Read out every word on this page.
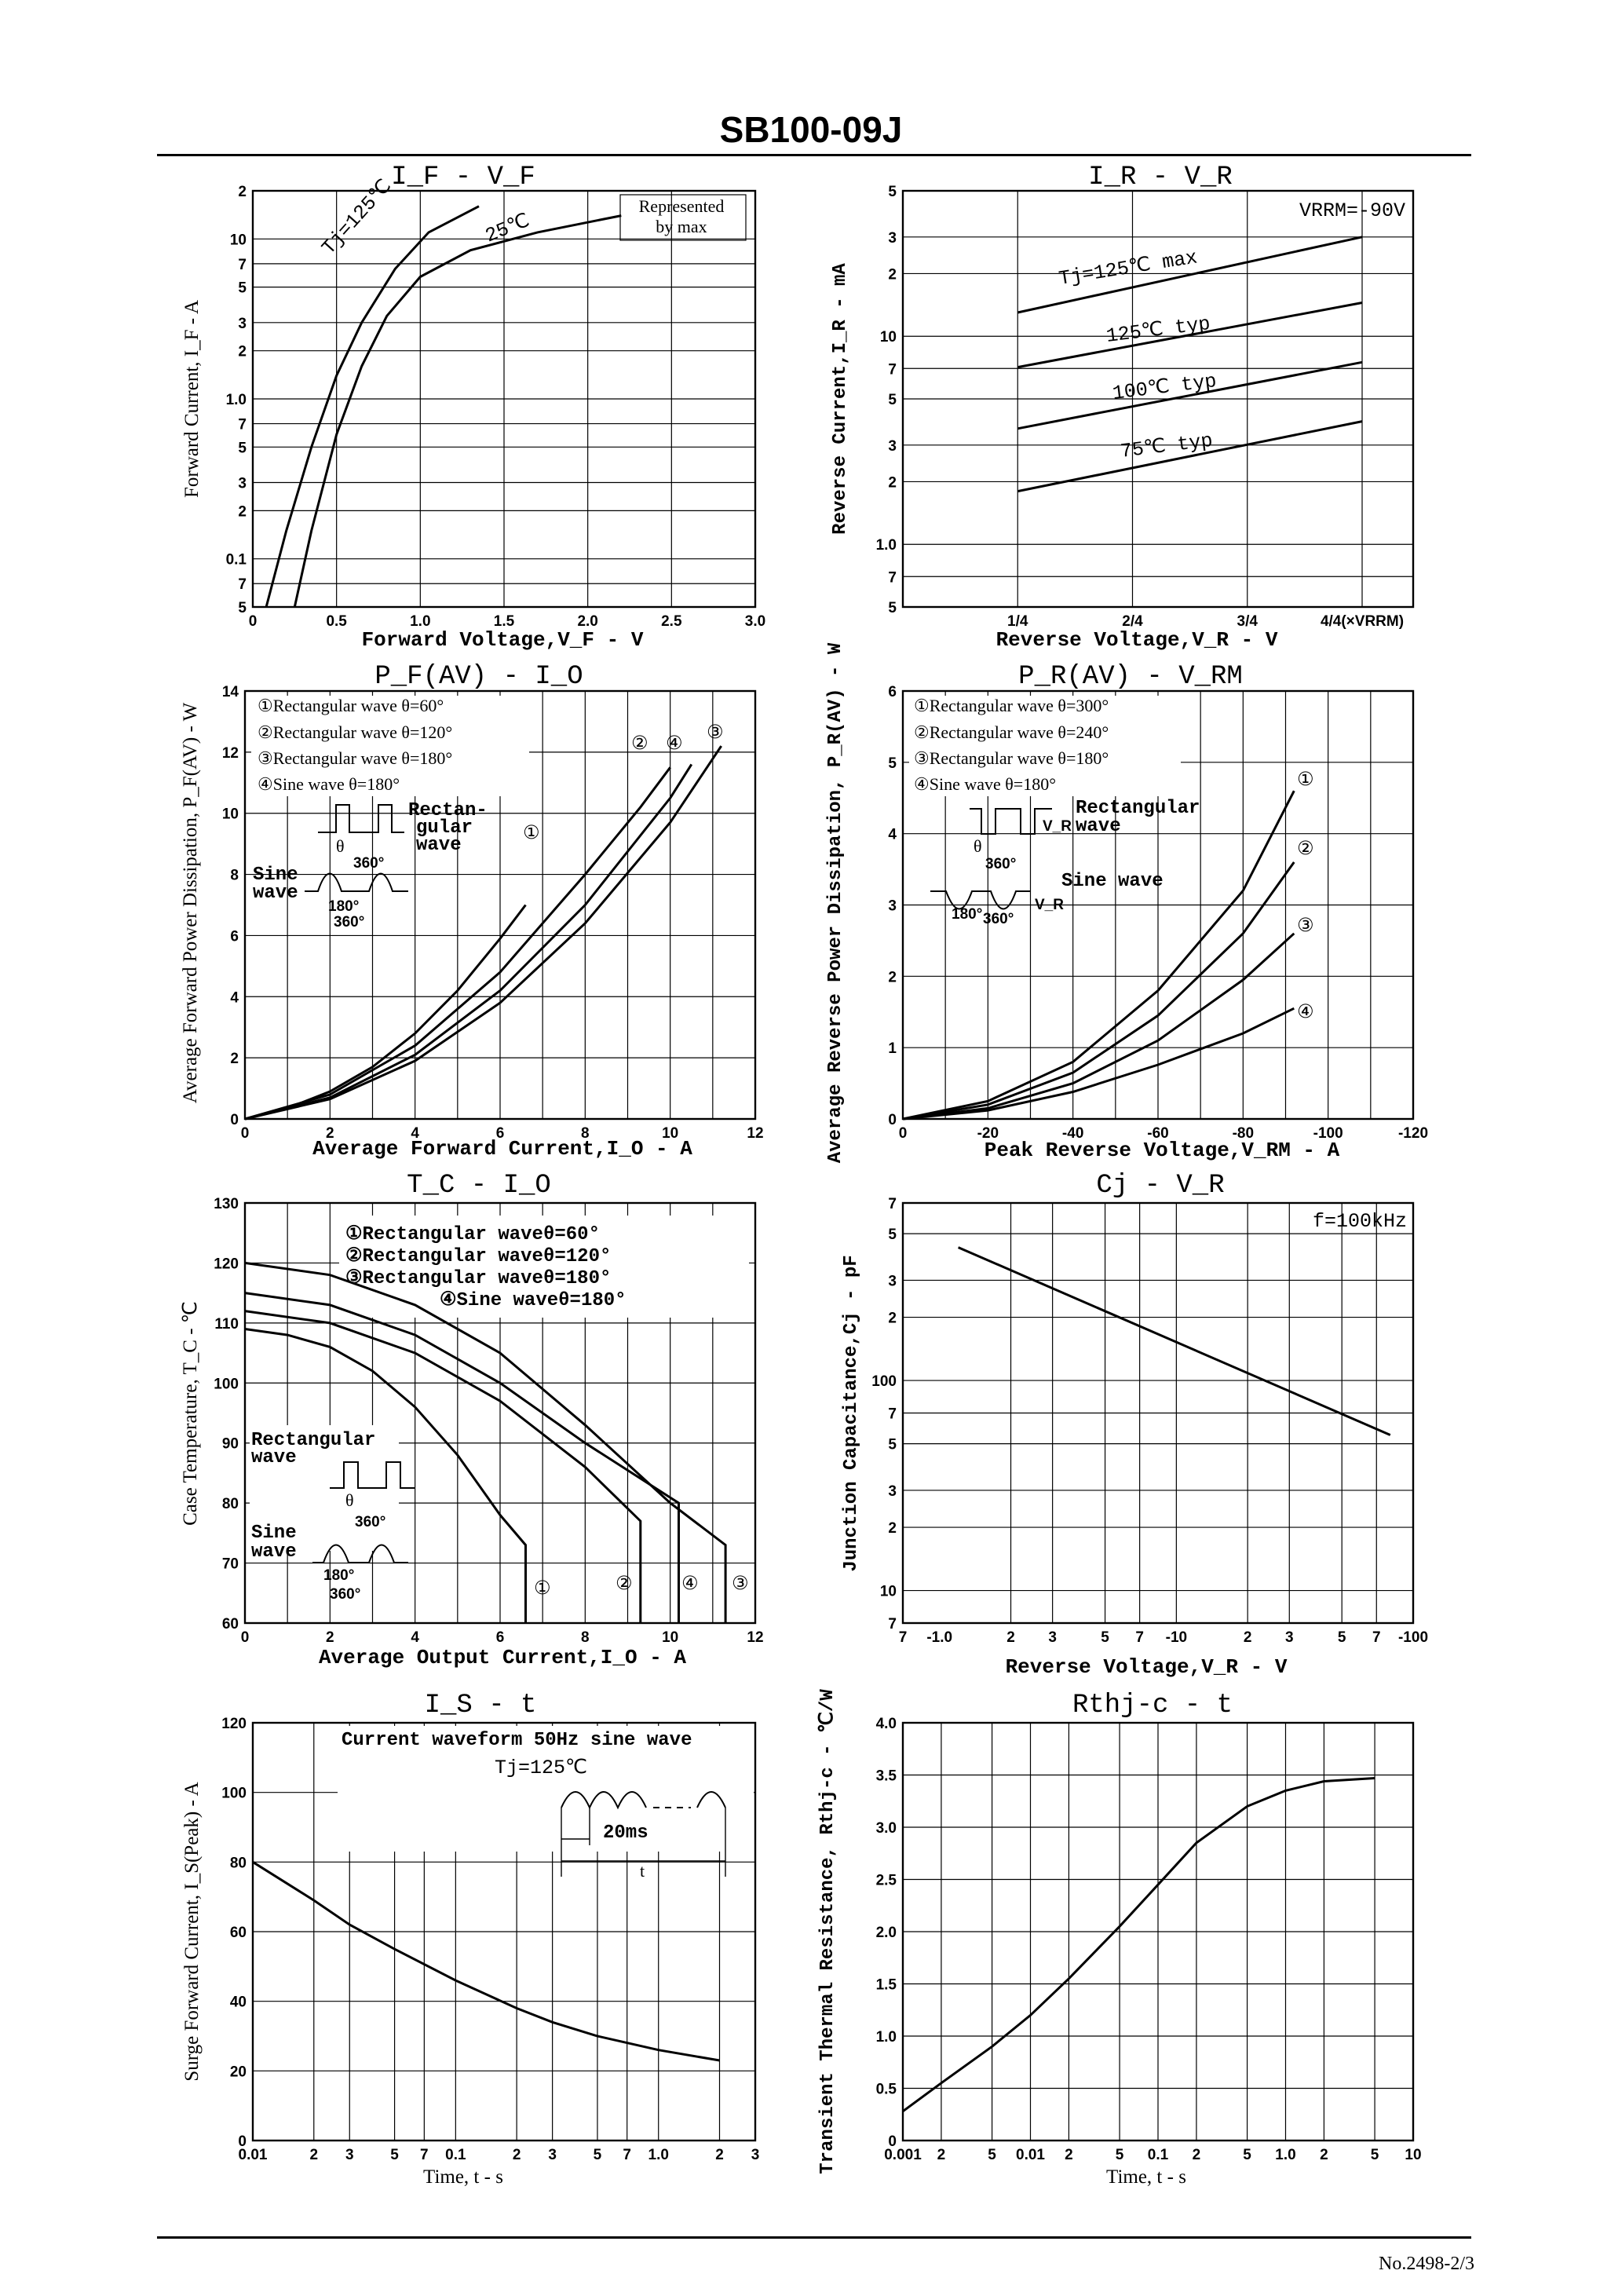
SB100-09J
No.2498-2/3
I_F - V_F
2
10
7
5
3
2
1.0
7
5
3
2
0.1
7
5
0	0.5	1.0	1.5	2.0	2.5	3.0
Forward Current, I_F - A
Forward Voltage,V_F - V
Represented
by max
Tj=125℃	25℃
I_R - V_R
5
3
2
10
7
5
3
2
1.0
7
5
1/4	2/4	3/4	4/4(×VRRM)
Reverse Current,I_R - mA
Reverse Voltage,V_R - V
VRRM=-90V
Tj=125℃ max
125℃ typ
100℃ typ
75℃ typ
P_F(AV) - I_O
0
2
4
6
8
10
12
14
0	2	4	6	8	10	12
Average Forward Power Dissipation, P_F(AV) - W
Average Forward Current,I_O - A
①Rectangular wave θ=60°
②Rectangular wave θ=120°
③Rectangular wave θ=180°
④Sine wave θ=180°
Rectan-
gular
wave
Sine
wave
θ
360°
180°
360°
①
② ④ ③
P_R(AV) - V_RM
0
1
2
3
4
5
6
0	-20	-40	-60	-80	-100	-120
Average Reverse Power Dissipation, P_R(AV) - W	Peak Reverse Voltage,V_RM - A
①Rectangular wave θ=300°
②Rectangular wave θ=240°
③Rectangular wave θ=180°
④Sine wave θ=180°
Rectangular
wave
Sine wave
θ
360°
V_R
180° 360°
V_R
①
②
③
④
T_C - I_O
60
70
80
90
100
110
120
130
0	2	4	6	8	10	12
Case Temperature, T_C - ℃
Average Output Current,I_O - A
①Rectangular waveθ=60°
②Rectangular waveθ=120°
③Rectangular waveθ=180°
④Sine waveθ=180°
Rectangular
wave
Sine
wave
θ
360°
180°
360°	①	②	④ ③
Cj - V_R
7
5
3
2
100
7
5
3
2
10
7
7 -1.0	2 3	5 7 -10	2 3	5 7 -100
Junction Capacitance,Cj - pF
Reverse Voltage,V_R - V
f=100kHz
I_S - t
0
20
40
60
80
100
120
0.01	2 3 5 7 0.1	2 3 5 7 1.0	2 3
Surge Forward Current, I_S(Peak) - A
Time, t - s
Current waveform 50Hz sine wave
Tj=125℃
20ms
t
Rthj-c - t
0
0.5
1.0
1.5
2.0
2.5
3.0
3.5
4.0
0.001 2	5 0.01 2	5 0.1 2	5 1.0 2	5 10
Transient Thermal Resistance, Rthj-c - ℃/W
Time, t - s
